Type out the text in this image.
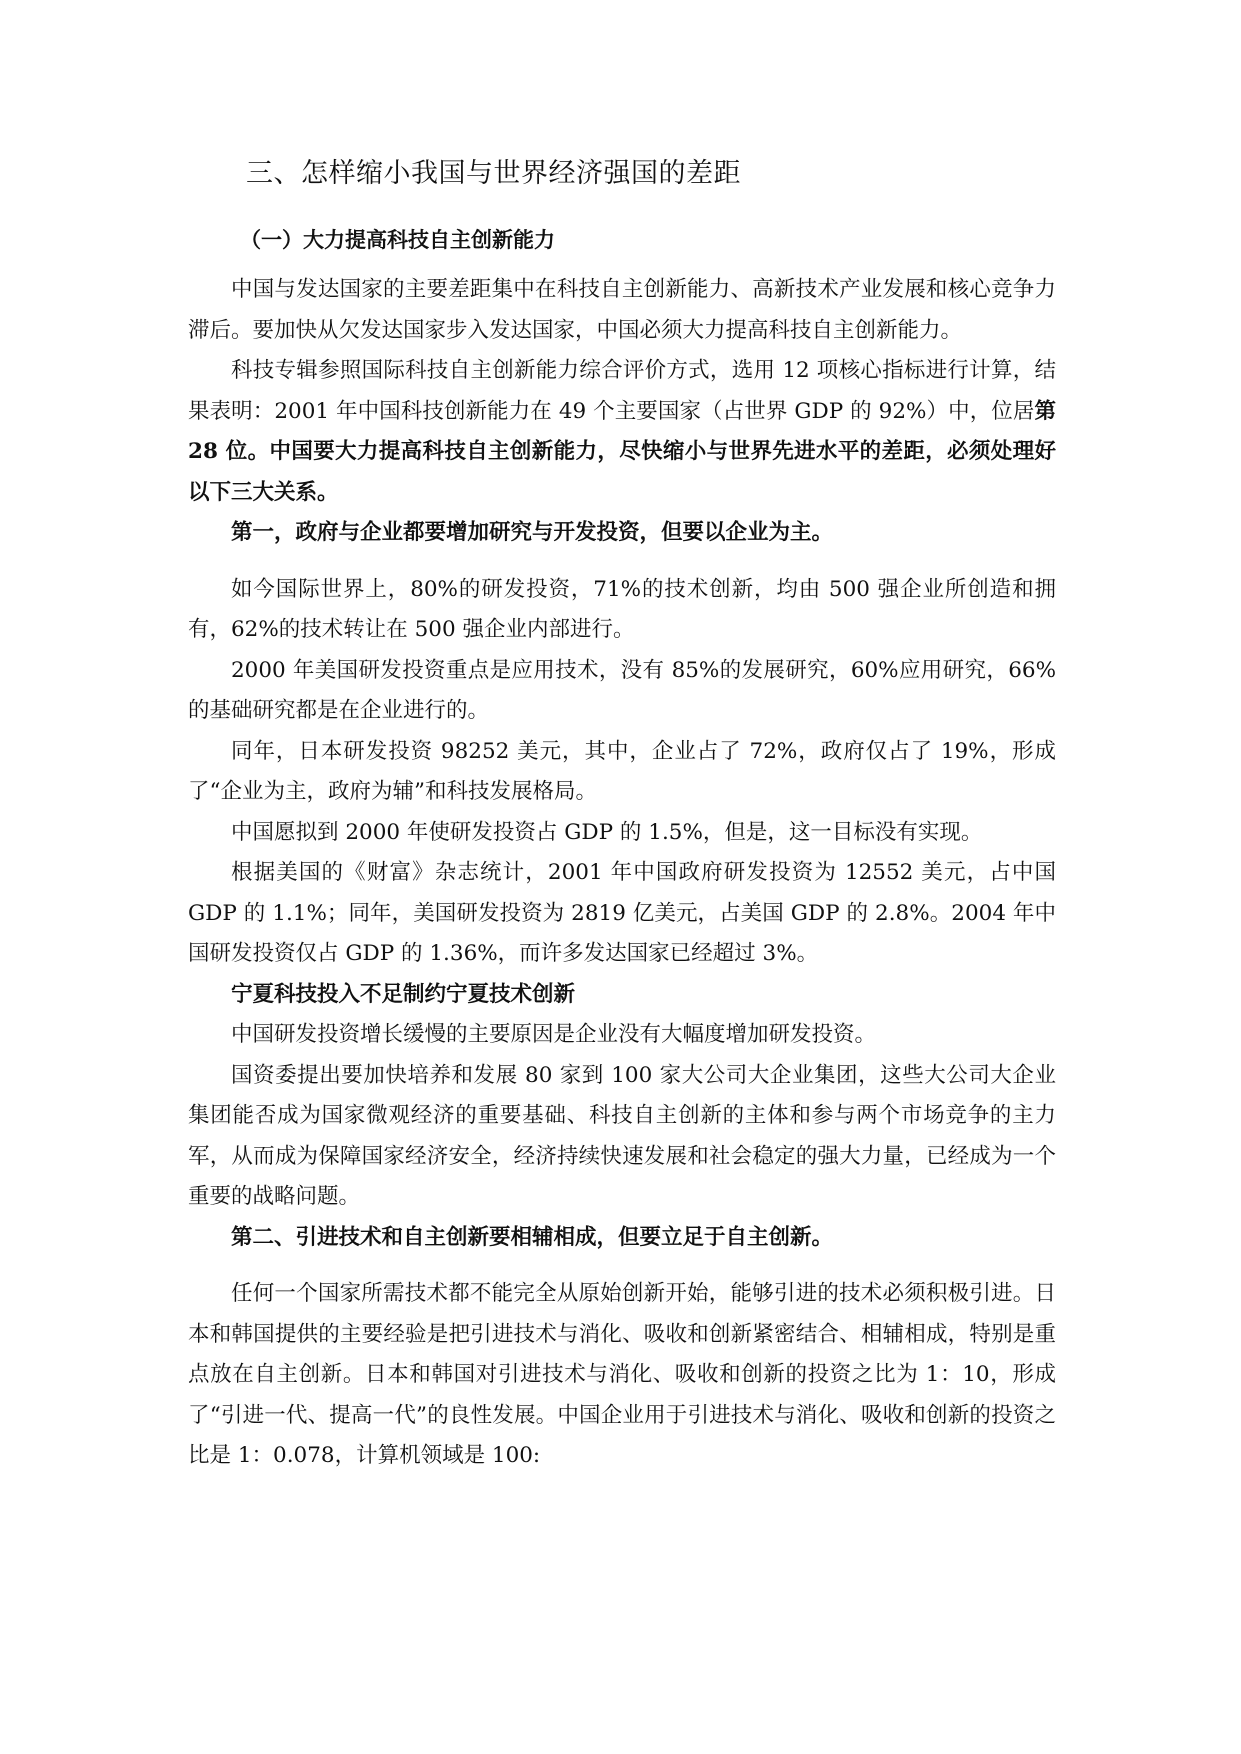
三、怎样缩小我国与世界经济强国的差距
（一）大力提高科技自主创新能力

中国与发达国家的主要差距集中在科技自主创新能力、高新技术产业发展和核心竞争力滞后。要加快从欠发达国家步入发达国家，中国必须大力提高科技自主创新能力。

科技专辑参照国际科技自主创新能力综合评价方式，选用 12 项核心指标进行计算，结果表明：2001 年中国科技创新能力在 49 个主要国家（占世界 GDP 的 92%）中，位居第 28 位。中国要大力提高科技自主创新能力，尽快缩小与世界先进水平的差距，必须处理好以下三大关系。

第一，政府与企业都要增加研究与开发投资，但要以企业为主。

如今国际世界上，80%的研发投资，71%的技术创新，均由 500 强企业所创造和拥有，62%的技术转让在 500 强企业内部进行。

2000 年美国研发投资重点是应用技术，没有 85%的发展研究，60%应用研究，66%的基础研究都是在企业进行的。

同年，日本研发投资 98252 美元，其中，企业占了 72%，政府仅占了 19%，形成了“企业为主，政府为辅”和科技发展格局。

中国愿拟到 2000 年使研发投资占 GDP 的 1.5%，但是，这一目标没有实现。

根据美国的《财富》杂志统计，2001 年中国政府研发投资为 12552 美元，占中国 GDP 的 1.1%；同年，美国研发投资为 2819 亿美元，占美国 GDP 的 2.8%。2004 年中国研发投资仅占 GDP 的 1.36%，而许多发达国家已经超过 3%。

宁夏科技投入不足制约宁夏技术创新

中国研发投资增长缓慢的主要原因是企业没有大幅度增加研发投资。

国资委提出要加快培养和发展 80 家到 100 家大公司大企业集团，这些大公司大企业集团能否成为国家微观经济的重要基础、科技自主创新的主体和参与两个市场竞争的主力军，从而成为保障国家经济安全，经济持续快速发展和社会稳定的强大力量，已经成为一个重要的战略问题。

第二、引进技术和自主创新要相辅相成，但要立足于自主创新。

任何一个国家所需技术都不能完全从原始创新开始，能够引进的技术必须积极引进。日本和韩国提供的主要经验是把引进技术与消化、吸收和创新紧密结合、相辅相成，特别是重点放在自主创新。日本和韩国对引进技术与消化、吸收和创新的投资之比为 1：10，形成了“引进一代、提高一代”的良性发展。中国企业用于引进技术与消化、吸收和创新的投资之比是 1：0.078，计算机领域是 100:
